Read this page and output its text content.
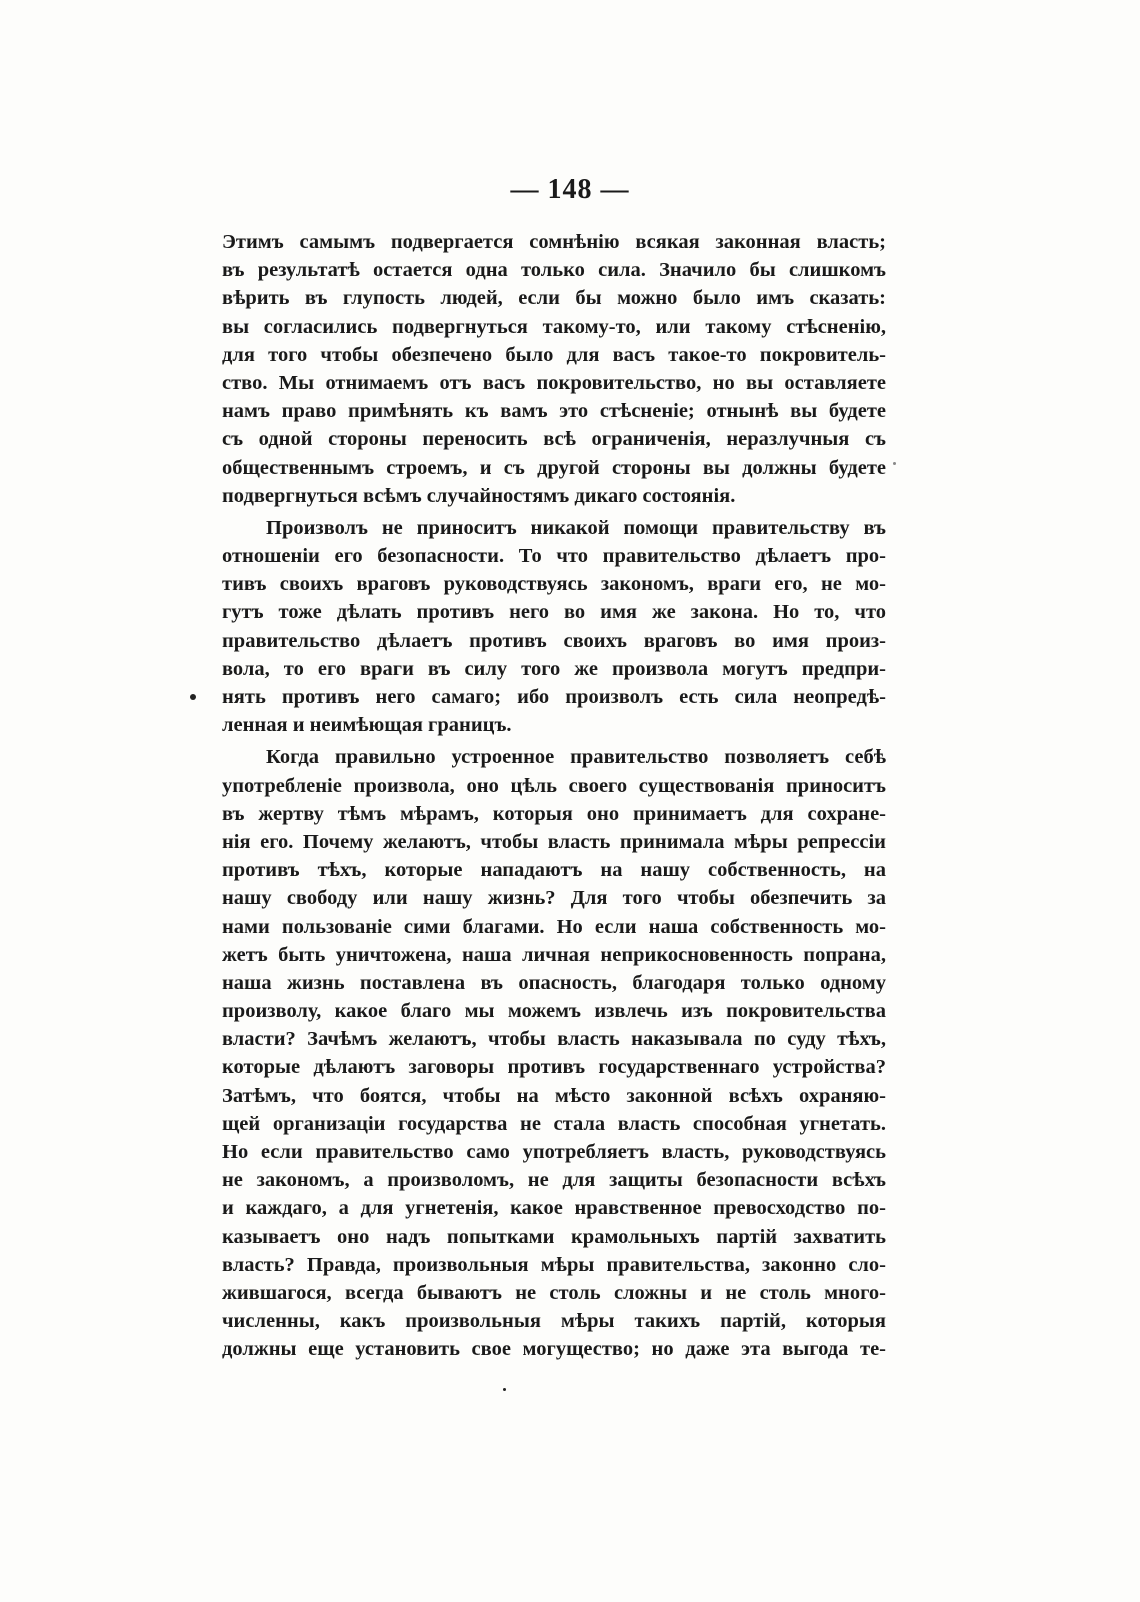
— 148 —
Этимъ самымъ подвергается сомнѣнію всякая законная власть;
въ результатѣ остается одна только сила. Значило бы слишкомъ
вѣрить въ глупость людей, если бы можно было имъ сказать:
вы согласились подвергнуться такому-то, или такому стѣсненію,
для того чтобы обезпечено было для васъ такое-то покровитель-
ство. Мы отнимаемъ отъ васъ покровительство, но вы оставляете
намъ право примѣнять къ вамъ это стѣсненіе; отнынѣ вы будете
съ одной стороны переносить всѣ ограниченія, неразлучныя съ
общественнымъ строемъ, и съ другой стороны вы должны будете
подвергнуться всѣмъ случайностямъ дикаго состоянія.
Произволъ не приноситъ никакой помощи правительству въ
отношеніи его безопасности. То что правительство дѣлаетъ про-
тивъ своихъ враговъ руководствуясь закономъ, враги его, не мо-
гутъ тоже дѣлать противъ него во имя же закона. Но то, что
правительство дѣлаетъ противъ своихъ враговъ во имя произ-
вола, то его враги въ силу того же произвола могутъ предпри-
нять противъ него самаго; ибо произволъ есть сила неопредѣ-
ленная и неимѣющая границъ.
Когда правильно устроенное правительство позволяетъ себѣ
употребленіе произвола, оно цѣль своего существованія приноситъ
въ жертву тѣмъ мѣрамъ, которыя оно принимаетъ для сохране-
нія его. Почему желаютъ, чтобы власть принимала мѣры репрессіи
противъ тѣхъ, которые нападаютъ на нашу собственность, на
нашу свободу или нашу жизнь? Для того чтобы обезпечить за
нами пользованіе сими благами. Но если наша собственность мо-
жетъ быть уничтожена, наша личная неприкосновенность попрана,
наша жизнь поставлена въ опасность, благодаря только одному
произволу, какое благо мы можемъ извлечь изъ покровительства
власти? Зачѣмъ желаютъ, чтобы власть наказывала по суду тѣхъ,
которые дѣлаютъ заговоры противъ государственнаго устройства?
Затѣмъ, что боятся, чтобы на мѣсто законной всѣхъ охраняю-
щей организаціи государства не стала власть способная угнетать.
Но если правительство само употребляетъ власть, руководствуясь
не закономъ, а произволомъ, не для защиты безопасности всѣхъ
и каждаго, а для угнетенія, какое нравственное превосходство по-
казываетъ оно надъ попытками крамольныхъ партій захватить
власть? Правда, произвольныя мѣры правительства, законно сло-
жившагося, всегда бываютъ не столь сложны и не столь много-
численны, какъ произвольныя мѣры такихъ партій, которыя
должны еще установить свое могущество; но даже эта выгода те-
